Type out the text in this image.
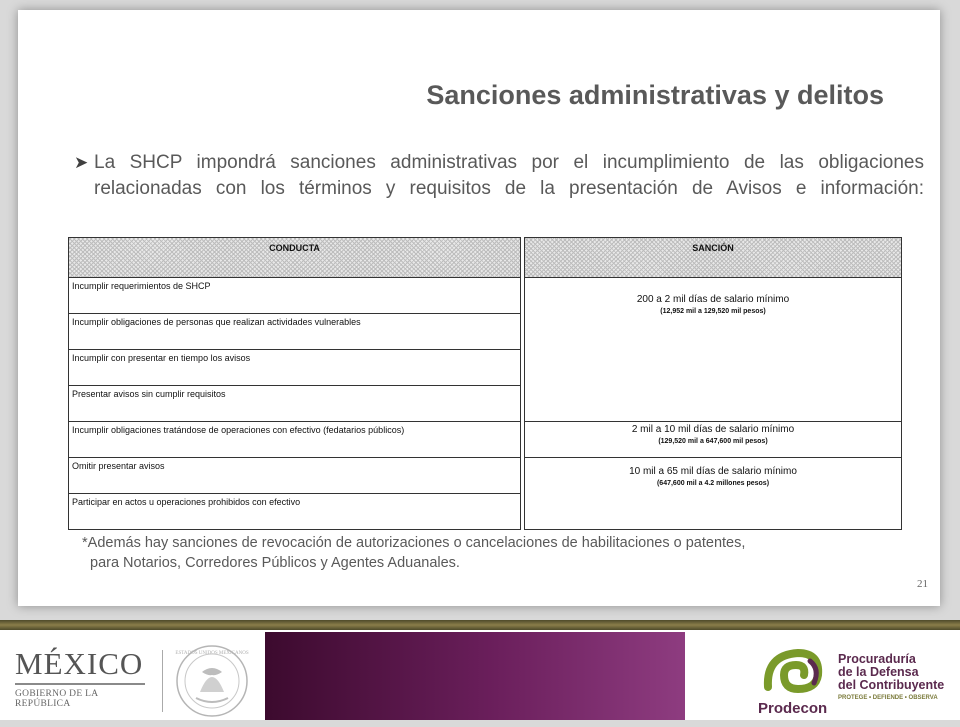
Sanciones administrativas y delitos
➤ La SHCP impondrá sanciones administrativas por el incumplimiento de las obligaciones relacionadas con los términos y requisitos de la presentación de Avisos e información:
CONDUCTA		SANCIÓN
Incumplir requerimientos de SHCP		200 a 2 mil días de salario mínimo
(12,952 mil a 129,520 mil pesos)

Incumplir obligaciones de personas que realizan actividades vulnerables		
Incumplir con presentar en tiempo los avisos		
Presentar avisos sin cumplir requisitos		
Incumplir obligaciones tratándose de operaciones con efectivo (fedatarios públicos)		2 mil a 10 mil días de salario mínimo
(129,520 mil a 647,600 mil pesos)

Omitir presentar avisos		10 mil a 65 mil días de salario mínimo
(647,600 mil a 4.2 millones pesos)

Participar en actos u operaciones prohibidos con efectivo		
*Además hay sanciones de revocación de autorizaciones o cancelaciones de habilitaciones o patentes,
para Notarios, Corredores Públicos y Agentes Aduanales.
21
MÉXICO
GOBIERNO DE LA REPÚBLICA
ESTADOS UNIDOS MEXICANOS
Prodecon
Procuraduría
de la Defensa
del Contribuyente
PROTEGE • DEFIENDE • OBSERVA
